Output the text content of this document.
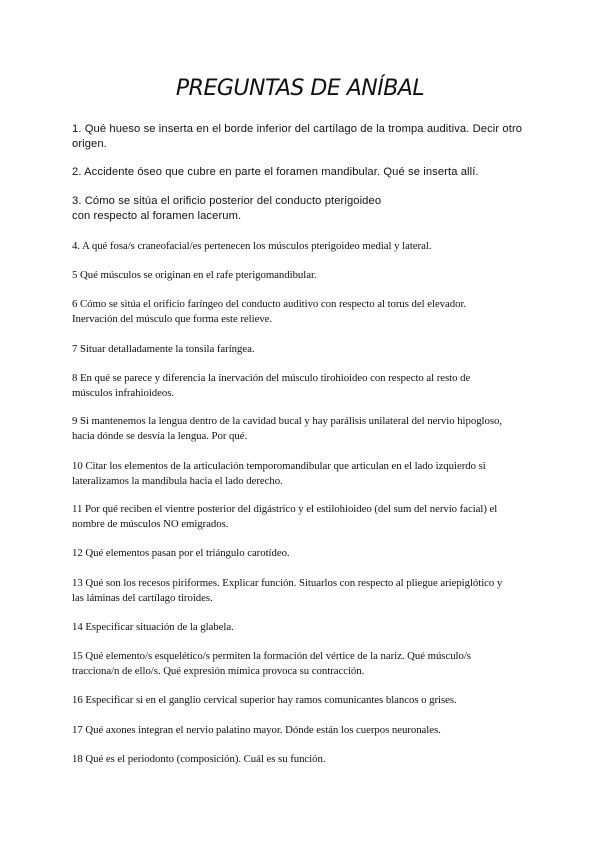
PREGUNTAS DE ANÍBAL

1. Qué hueso se inserta en el borde inferior del cartílago de la trompa auditiva. Decir otro
origen.

2. Accidente óseo que cubre en parte el foramen mandibular. Qué se inserta allí.

3. Cómo se sitúa el orificio posterior del conducto pterigoideo
con respecto al foramen lacerum.

4. A qué fosa/s craneofacial/es pertenecen los músculos pterigoideo medial y lateral.

5 Qué músculos se originan en el rafe pterigomandibular.

6 Cómo se sitúa el orificio faríngeo del conducto auditivo con respecto al torus del elevador.
Inervación del músculo que forma este relieve.

7 Situar detalladamente la tonsila faríngea.

8 En qué se parece y diferencia la inervación del músculo tirohioideo con respecto al resto de
músculos infrahioideos.

9 Si mantenemos la lengua dentro de la cavidad bucal y hay parálisis unilateral del nervio hipogloso,
hacia dónde se desvía la lengua. Por qué.

10 Citar los elementos de la articulación temporomandibular que articulan en el lado izquierdo si
lateralizamos la mandíbula hacia el lado derecho.

11 Por qué reciben el vientre posterior del digástrico y el estilohioideo (del sum del nervio facial) el
nombre de músculos NO emigrados.

12 Qué elementos pasan por el triángulo carotídeo.

13 Qué son los recesos piriformes. Explicar función. Situarlos con respecto al pliegue ariepiglótico y
las láminas del cartílago tiroides.

14 Especificar situación de la glabela.

15 Qué elemento/s esquelético/s permiten la formación del vértice de la nariz. Qué músculo/s
tracciona/n de ello/s. Qué expresión mímica provoca su contracción.

16 Especificar si en el ganglio cervical superior hay ramos comunicantes blancos o grises.

17 Qué axones integran el nervio palatino mayor. Dónde están los cuerpos neuronales.

18 Qué es el periodonto (composición). Cuál es su función.
